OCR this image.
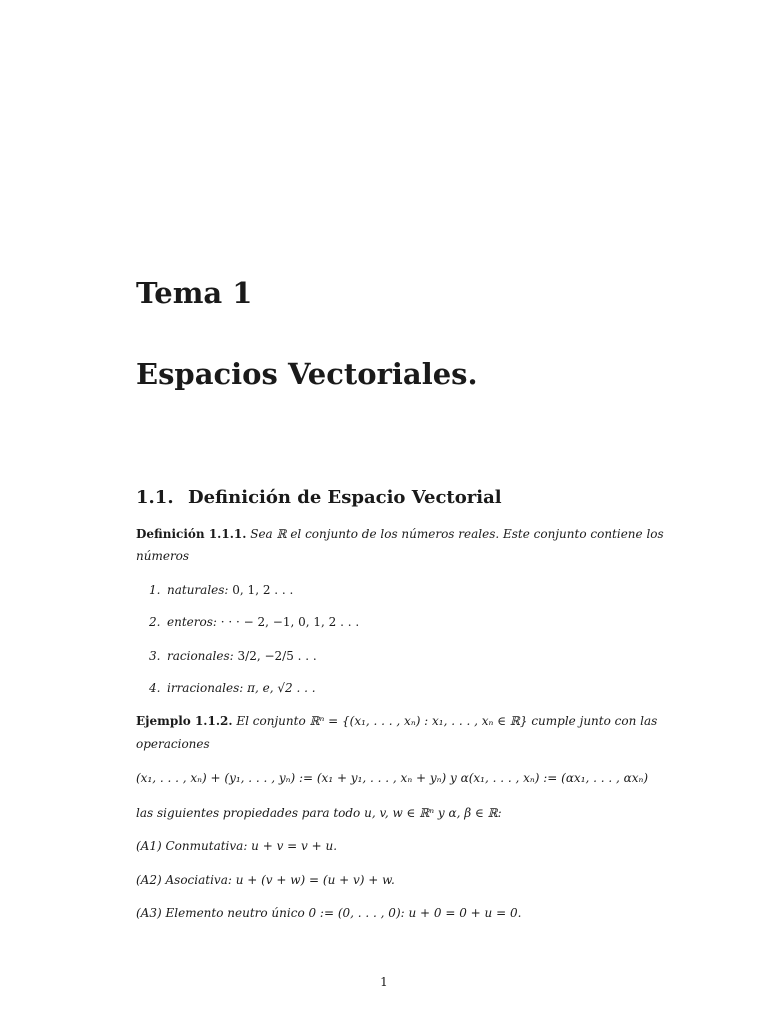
Tema 1
Espacios Vectoriales.
1.1. Definición de Espacio Vectorial
Definición 1.1.1. Sea ℝ el conjunto de los números reales. Este conjunto contiene los
números
1. naturales: 0, 1, 2 . . .
2. enteros: · · · − 2, −1, 0, 1, 2 . . .
3. racionales: 3/2, −2/5 . . .
4. irracionales: π, e, √2 . . .
Ejemplo 1.1.2. El conjunto ℝⁿ = {(x₁, . . . , xₙ) : x₁, . . . , xₙ ∈ ℝ} cumple junto con las
operaciones
(x₁, . . . , xₙ) + (y₁, . . . , yₙ) := (x₁ + y₁, . . . , xₙ + yₙ) y α(x₁, . . . , xₙ) := (αx₁, . . . , αxₙ)
las siguientes propiedades para todo u, v, w ∈ ℝⁿ y α, β ∈ ℝ:
(A1) Conmutativa: u + v = v + u.
(A2) Asociativa: u + (v + w) = (u + v) + w.
(A3) Elemento neutro único 0 := (0, . . . , 0): u + 0 = 0 + u = 0.
1
